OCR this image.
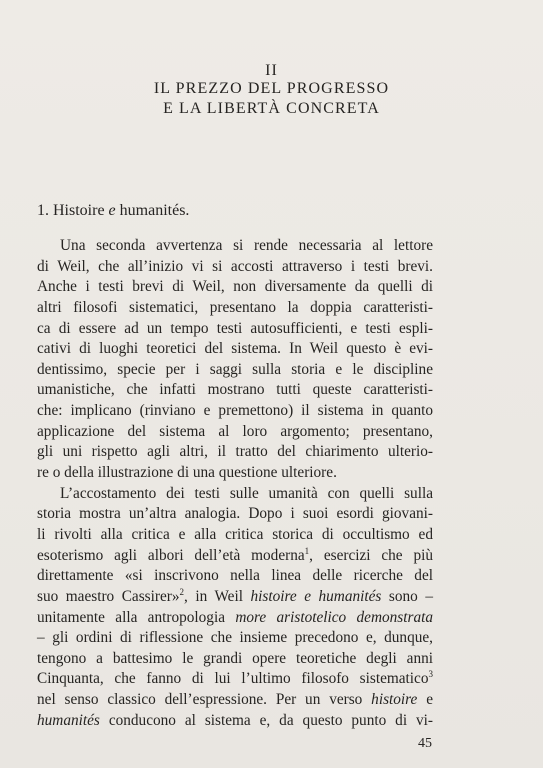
II
IL PREZZO DEL PROGRESSO
E LA LIBERTÀ CONCRETA
1. Histoire e humanités.
Una seconda avvertenza si rende necessaria al lettore
di Weil, che all’inizio vi si accosti attraverso i testi brevi.
Anche i testi brevi di Weil, non diversamente da quelli di
altri filosofi sistematici, presentano la doppia caratteristi-
ca di essere ad un tempo testi autosufficienti, e testi espli-
cativi di luoghi teoretici del sistema. In Weil questo è evi-
dentissimo, specie per i saggi sulla storia e le discipline
umanistiche, che infatti mostrano tutti queste caratteristi-
che: implicano (rinviano e premettono) il sistema in quanto
applicazione del sistema al loro argomento; presentano,
gli uni rispetto agli altri, il tratto del chiarimento ulterio-
re o della illustrazione di una questione ulteriore.
L’accostamento dei testi sulle umanità con quelli sulla
storia mostra un’altra analogia. Dopo i suoi esordi giovani-
li rivolti alla critica e alla critica storica di occultismo ed
esoterismo agli albori dell’età moderna$^1$, esercizi che più
direttamente «si inscrivono nella linea delle ricerche del
suo maestro Cassirer»$^2$, in Weil histoire e humanités sono –
unitamente alla antropologia more aristotelico demonstrata
– gli ordini di riflessione che insieme precedono e, dunque,
tengono a battesimo le grandi opere teoretiche degli anni
Cinquanta, che fanno di lui l’ultimo filosofo sistematico$^3$
nel senso classico dell’espressione. Per un verso histoire e
humanités conducono al sistema e, da questo punto di vi-
45
